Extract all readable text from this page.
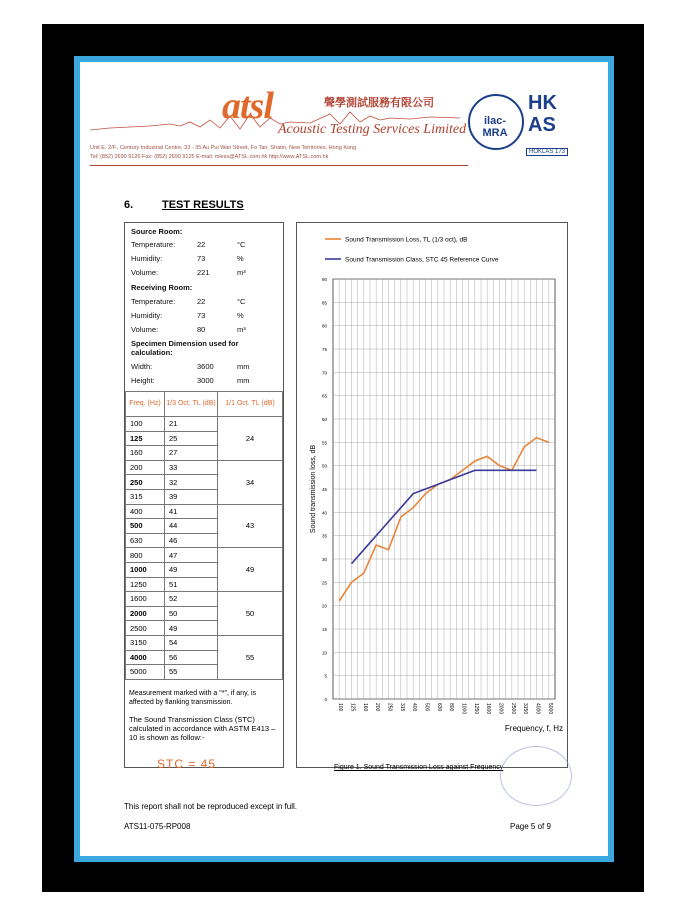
atsl	聲學測試服務有限公司
Acoustic Testing Services Limited
Unit E, 2/F., Century Industrial Centre, 33 - 35 Au Pui Wan Street, Fo Tan, Shatin, New Territories, Hong Kong
Tel: (852) 2690 9126 Fax: (852) 2690 9125 E-mail: mless@ATSL.com.hk http://www.ATSL.com.hk
ilac-MRA
HKAS
HOKLAS 173
6.	TEST RESULTS
Source Room:
Temperature:	22	°C
Humidity:	73	%
Volume:	221	m³
Receiving Room:
Temperature:	22	°C
Humidity:	73	%
Volume:	80	m³
Specimen Dimension used for calculation:
Width:	3600	mm
Height:	3000	mm
Freq. (Hz)	1/3 Oct. TL (dB)	1/1 Oct. TL (dB)
100	21	24
125	25	
160	27	
200	33	34
250	32	
315	39	
400	41	43
500	44	
630	46	
800	47	49
1000	49	
1250	51	
1600	52	50
2000	50	
2500	49	
3150	54	55
4000	56	
5000	55	
Measurement marked with a "*", if any, is affected by flanking transmission.
The Sound Transmission Class (STC) calculated in accordance with ASTM E413 – 10 is shown as follow:-
STC = 45
0
5
10
15
20
25
30
35
40
45
50
55
60
65
70
75
80
85
90
100 125 160 200 250 315 400 500 630 800 1000 1250 1600 2000 2500 3150 4000 5000
Sound transmission loss, dB
Frequency, f, Hz
Sound Transmission Loss, TL (1/3 oct), dB
Sound Transmission Class, STC 45 Reference Curve
Figure 1. Sound Transmission Loss against Frequency
This report shall not be reproduced except in full.
ATS11-075-RP008	Page 5 of 9
